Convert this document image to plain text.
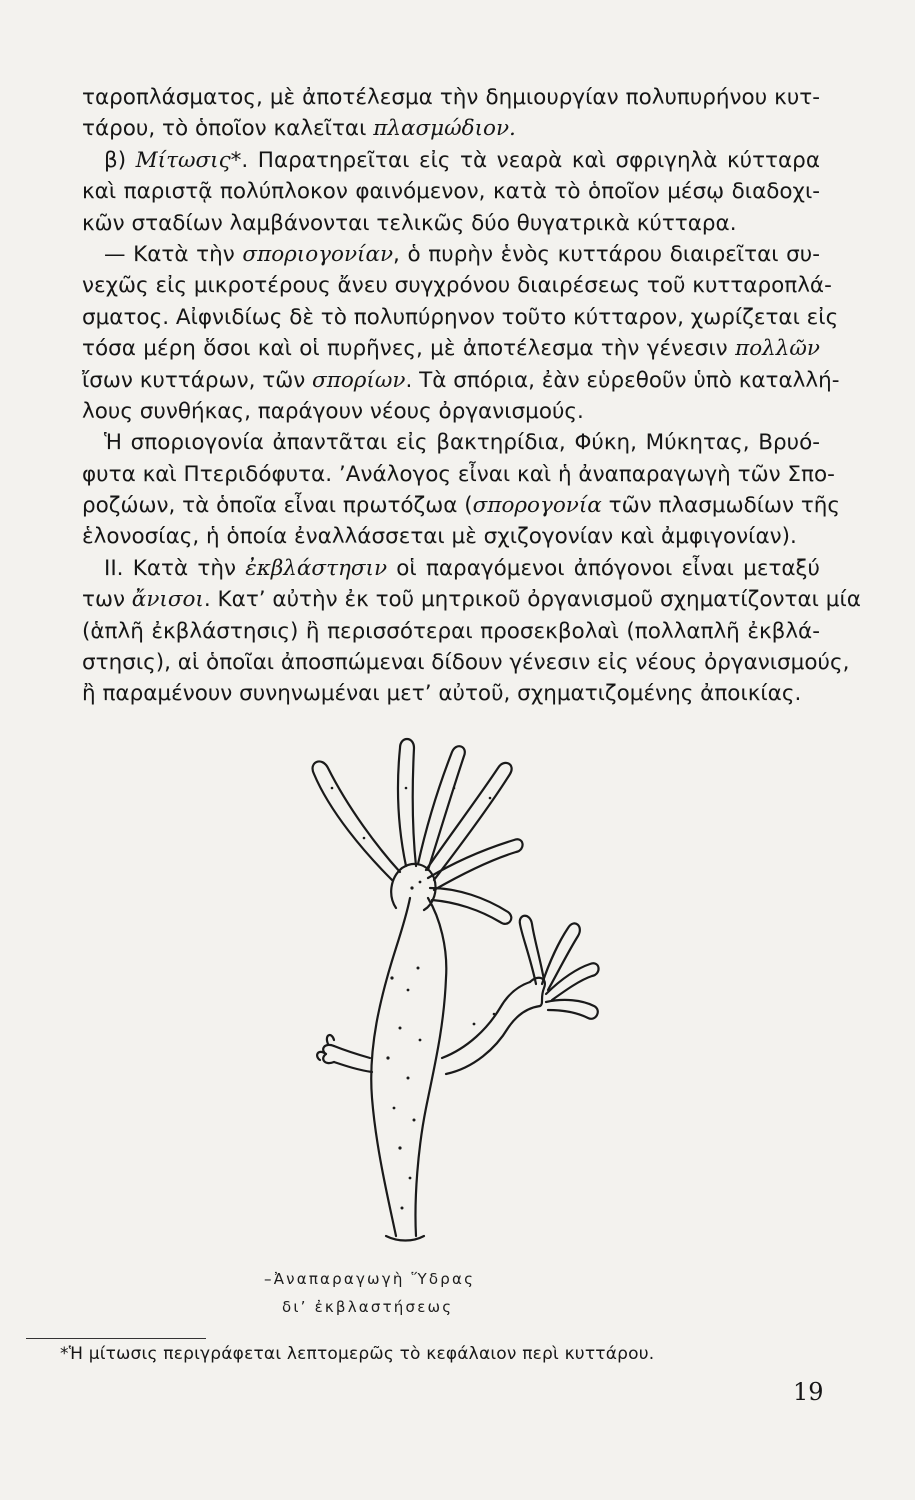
ταροπλάσματος, μὲ ἀποτέλεσμα τὴν δημιουργίαν πολυπυρήνου κυτ-
τάρου, τὸ ὁποῖον καλεῖται πλασμώδιον.
β) Μίτωσις*. Παρατηρεῖται εἰς τὰ νεαρὰ καὶ σφριγηλὰ κύτταρα
καὶ παριστᾷ πολύπλοκον φαινόμενον, κατὰ τὸ ὁποῖον μέσῳ διαδοχι-
κῶν σταδίων λαμβάνονται τελικῶς δύο θυγατρικὰ κύτταρα.
— Κατὰ τὴν σποριογονίαν, ὁ πυρὴν ἑνὸς κυττάρου διαιρεῖται συ-
νεχῶς εἰς μικροτέρους ἄνευ συγχρόνου διαιρέσεως τοῦ κυτταροπλά-
σματος. Αἰφνιδίως δὲ τὸ πολυπύρηνον τοῦτο κύτταρον, χωρίζεται εἰς
τόσα μέρη ὅσοι καὶ οἱ πυρῆνες, μὲ ἀποτέλεσμα τὴν γένεσιν πολλῶν
ἴσων κυττάρων, τῶν σπορίων. Τὰ σπόρια, ἐὰν εὑρεθοῦν ὑπὸ καταλλή-
λους συνθήκας, παράγουν νέους ὀργανισμούς.
Ἡ σποριογονία ἀπαντᾶται εἰς βακτηρίδια, Φύκη, Μύκητας, Βρυό-
φυτα καὶ Πτεριδόφυτα. ’Ανάλογος εἶναι καὶ ἡ ἀναπαραγωγὴ τῶν Σπο-
ροζώων, τὰ ὁποῖα εἶναι πρωτόζωα (σπορογονία τῶν πλασμωδίων τῆς
ἑλονοσίας, ἡ ὁποία ἐναλλάσσεται μὲ σχιζογονίαν καὶ ἀμφιγονίαν).
ΙΙ. Κατὰ τὴν ἐκβλάστησιν οἱ παραγόμενοι ἀπόγονοι εἶναι μεταξύ
των ἄνισοι. Κατ’ αὐτὴν ἐκ τοῦ μητρικοῦ ὀργανισμοῦ σχηματίζονται μία
(ἁπλῆ ἐκβλάστησις) ἢ περισσότεραι προσεκβολαὶ (πολλαπλῆ ἐκβλά-
στησις), αἱ ὁποῖαι ἀποσπώμεναι δίδουν γένεσιν εἰς νέους ὀργανισμούς,
ἢ παραμένουν συνηνωμέναι μετ’ αὐτοῦ, σχηματιζομένης ἀποικίας.
–Ἀναπαραγωγὴ Ὕδρας
δι’ ἐκβλαστήσεως
*Ἡ μίτωσις περιγράφεται λεπτομερῶς τὸ κεφάλαιον περὶ κυττάρου.
19
